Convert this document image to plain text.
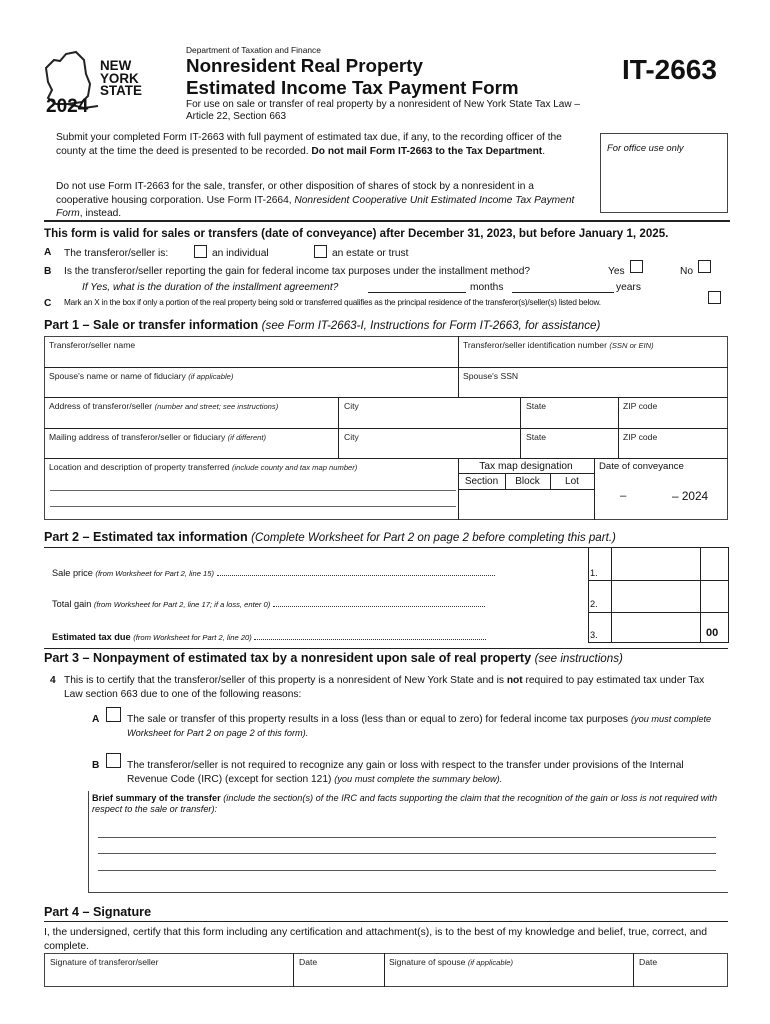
NEW
YORK
STATE
2024
Department of Taxation and Finance
Nonresident Real Property
Estimated Income Tax Payment Form
For use on sale or transfer of real property by a nonresident of New York State Tax Law – Article 22, Section 663
IT-2663
For office use only
Submit your completed Form IT-2663 with full payment of estimated tax due, if any, to the recording officer of the county at the time the deed is presented to be recorded. Do not mail Form IT-2663 to the Tax Department.
Do not use Form IT-2663 for the sale, transfer, or other disposition of shares of stock by a nonresident in a cooperative housing corporation. Use Form IT-2664, Nonresident Cooperative Unit Estimated Income Tax Payment Form, instead.
This form is valid for sales or transfers (date of conveyance) after December 31, 2023, but before January 1, 2025.
A The transferor/seller is:	an individual	an estate or trust
B Is the transferor/seller reporting the gain for federal income tax purposes under the installment method?	Yes	No
If Yes, what is the duration of the installment agreement?	months	years
C Mark an X in the box if only a portion of the real property being sold or transferred qualifies as the principal residence of the transferor(s)/seller(s) listed below.
Part 1 – Sale or transfer information (see Form IT-2663-I, Instructions for Form IT-2663, for assistance)
Transferor/seller name	Transferor/seller identification number (SSN or EIN)
Spouse's name or name of fiduciary (if applicable)	Spouse's SSN
Address of transferor/seller (number and street; see instructions)	City	State	ZIP code
Mailing address of transferor/seller or fiduciary (if different)	City	State	ZIP code
Location and description of property transferred (include county and tax map number)	Tax map designation
Section	Block	Lot
Date of conveyance
–	– 2024
Part 2 – Estimated tax information (Complete Worksheet for Part 2 on page 2 before completing this part.)
Sale price (from Worksheet for Part 2, line 15)	1.
Total gain (from Worksheet for Part 2, line 17; if a loss, enter 0)	2.
Estimated tax due (from Worksheet for Part 2, line 20)	3.	00
Part 3 – Nonpayment of estimated tax by a nonresident upon sale of real property (see instructions)
4 This is to certify that the transferor/seller of this property is a nonresident of New York State and is not required to pay estimated tax under Tax Law section 663 due to one of the following reasons:
A	The sale or transfer of this property results in a loss (less than or equal to zero) for federal income tax purposes (you must complete Worksheet for Part 2 on page 2 of this form).
B	The transferor/seller is not required to recognize any gain or loss with respect to the transfer under provisions of the Internal Revenue Code (IRC) (except for section 121) (you must complete the summary below).
Brief summary of the transfer (include the section(s) of the IRC and facts supporting the claim that the recognition of the gain or loss is not required with respect to the sale or transfer):
Part 4 – Signature
I, the undersigned, certify that this form including any certification and attachment(s), is to the best of my knowledge and belief, true, correct, and complete.
Signature of transferor/seller	Date	Signature of spouse (if applicable)	Date
